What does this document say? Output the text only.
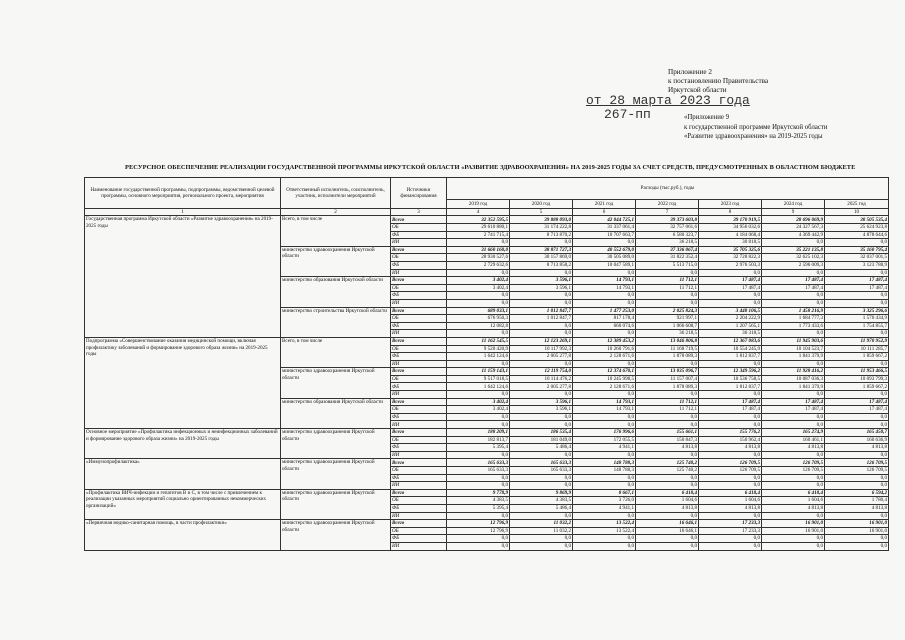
Приложение 2
к постановлению Правительства
Иркутской области
от 28 марта 2023 года
267-пп	«Приложение 9
к государственной программе Иркутской области
«Развитие здравоохранения» на 2019-2025 годы
РЕСУРСНОЕ ОБЕСПЕЧЕНИЕ РЕАЛИЗАЦИИ ГОСУДАРСТВЕННОЙ ПРОГРАММЫ ИРКУТСКОЙ ОБЛАСТИ «РАЗВИТИЕ ЗДРАВООХРАНЕНИЯ» НА 2019-2025 ГОДЫ ЗА СЧЕТ СРЕДСТВ, ПРЕДУСМОТРЕННЫХ В ОБЛАСТНОМ БЮДЖЕТЕ
Наименование государственной программы, подпрограммы, ведомственной целевой программы, основного мероприятия, регионального проекта, мероприятия	Ответственный исполнитель, соисполнитель, участник, исполнители мероприятий	Источники финансирования	Расходы (тыс.руб.), годы						
			2019 год	2020 год	2021 год	2022 год	2023 год	2024 год	2025 год
1	2	3	4	5	6	7	8	9	10
Государственная программа Иркутской области «Развитие здравоохранения» на 2019-2025 годы	Всего, в том числе	Всего	32 352 595,5	39 888 093,0	42 044 725,1	39 373 603,8	39 170 919,5	28 696 069,9	30 505 535,4
		ОБ	29 610 880,1	31 174 222,8	31 337 061,4	32 757 061,6	34 956 032,6	24 327 567,3	25 624 923,8
		ФБ	2 741 715,4	8 713 870,2	10 707 663,7	6 580 323,7	4 184 068,4	4 369 442,9	4 878 644,6
		ИИ	0,0	0,0	0,0	36 218,5	30 818,5	0,0	0,0
	министерство здравоохранения Иркутской области	Всего	31 660 160,0	38 871 727,3	40 552 679,0	37 336 067,4	35 705 325,6	35 221 135,8	35 160 795,4
		ОБ	28 930 527,6	30 157 869,0	30 505 089,0	31 822 352,4	32 728 822,3	32 625 102,3	32 037 001,5
		ФБ	2 729 632,6	8 713 858,2	10 047 589,1	5 513 715,0	2 976 503,3	2 596 009,3	3 123 788,9
		ИИ	0,0	0,0	0,0	0,0	0,0	0,0	0,0
	министерство образования Иркутской области	Всего	3 402,4	3 596,1	14 793,1	11 712,1	17 487,4	17 487,4	17 487,4
		ОБ	3 402,4	3 596,1	14 793,1	11 712,1	17 487,4	17 487,4	17 487,4
		ФБ	0,0	0,0	0,0	0,0	0,0	0,0	0,0
		ИИ	0,0	0,0	0,0	0,0	0,0	0,0	0,0
	министерство строительства Иркутской области	Всего	689 033,1	1 012 847,7	1 477 253,0	2 025 824,3	3 448 106,5	1 458 216,9	3 325 296,6
		ОБ	676 950,3	1 012 847,7	817 178,4	921 997,1	2 204 222,9	1 684 777,3	1 570 434,9
		ФБ	12 082,8	0,0	660 074,6	1 066 608,7	1 207 565,1	1 773 433,6	1 754 855,7
		ИИ	0,0	0,0	0,0	36 218,5	36 318,5	0,0	0,0
Подпрограмма «Совершенствование оказания медицинской помощи, включая профилактику заболеваний и формирование здорового образа жизни» на 2019-2025 годы	Всего, в том числе	Всего	11 162 545,5	12 123 269,1	12 389 453,2	13 046 806,8	12 367 083,6	11 945 903,6	11 970 952,9
		ОБ	9 520 420,9	10 117 992,3	10 260 791,6	11 168 719,5	10 554 245,9	10 104 523,7	10 111 285,7
		ФБ	1 642 124,6	2 005 277,8	2 128 671,6	1 878 089,3	1 812 837,7	1 841 379,9	1 859 667,2
		ИИ	0,0	0,0	0,0	0,0	0,0	0,0	0,0
	министерство здравоохранения Иркутской области	Всего	11 159 143,1	12 119 754,0	12 374 670,1	13 035 096,7	12 349 596,2	11 928 416,2	11 953 466,5
		ОБ	9 517 018,5	10 114 476,2	10 245 998,5	11 157 007,4	10 536 758,5	10 087 036,3	10 093 799,3
		ФБ	1 642 124,6	2 005 277,8	2 128 671,6	1 878 089,3	1 812 837,7	1 841 379,9	1 859 667,2
		ИИ	0,0	0,0	0,0	0,0	0,0	0,0	0,0
	министерство образования Иркутской области	Всего	3 402,4	3 596,1	14 793,1	11 712,1	17 487,4	17 487,4	17 487,4
		ОБ	3 402,4	3 596,1	14 793,1	11 712,1	17 487,4	17 487,4	17 487,4
		ФБ	0,0	0,0	0,0	0,0	0,0	0,0	0,0
		ИИ	0,0	0,0	0,0	0,0	0,0	0,0	0,0
Основное мероприятие «Профилактика инфекционных и неинфекционных заболеваний и формирование здорового образа жизни» на 2019-2025 годы	министерство здравоохранения Иркутской области	Всего	188 209,1	186 535,4	176 996,6	155 661,1	155 776,2	165 274,9	165 450,7
		ОБ	182 813,7	181 049,0	172 055,5	150 847,3	150 962,4	160 461,1	160 636,9
		ФБ	5 395,4	5 486,4	4 941,1	4 813,8	4 813,8	4 813,8	4 813,8
		ИИ	0,0	0,0	0,0	0,0	0,0	0,0	0,0
«Иммунопрофилактика»	министерство здравоохранения Иркутской области	Всего	165 633,3	165 633,3	148 788,3	125 740,2	126 709,5	126 709,5	126 709,5
		ОБ	165 633,3	165 633,3	148 788,3	125 740,2	126 709,5	126 709,5	126 709,5
		ФБ	0,0	0,0	0,0	0,0	0,0	0,0	0,0
		ИИ	0,0	0,0	0,0	0,0	0,0	0,0	0,0
«Профилактика ВИЧ-инфекции и гепатитов В и С, в том числе с привлечением к реализации указанных мероприятий социально ориентированных некоммерческих организаций»	министерство здравоохранения Иркутской области	Всего	9 778,9	9 869,9	8 667,1	6 418,4	6 418,4	6 418,4	6 594,2
		ОБ	4 383,5	4 383,5	3 726,0	1 604,6	1 604,6	1 604,6	1 780,4
		ФБ	5 395,4	5 486,4	4 941,1	4 813,8	4 813,8	4 813,8	4 813,8
		ИИ	0,0	0,0	0,0	0,0	0,0	0,0	0,0
«Первичная медико-санитарная помощь, в части профилактики»	министерство здравоохранения Иркутской области	Всего	12 796,9	11 032,2	13 522,4	16 646,1	17 233,3	16 901,0	16 901,0
		ОБ	12 796,9	11 032,2	13 522,4	16 646,1	17 233,3	16 901,0	16 901,0
		ФБ	0,0	0,0	0,0	0,0	0,0	0,0	0,0
		ИИ	0,0	0,0	0,0	0,0	0,0	0,0	0,0
